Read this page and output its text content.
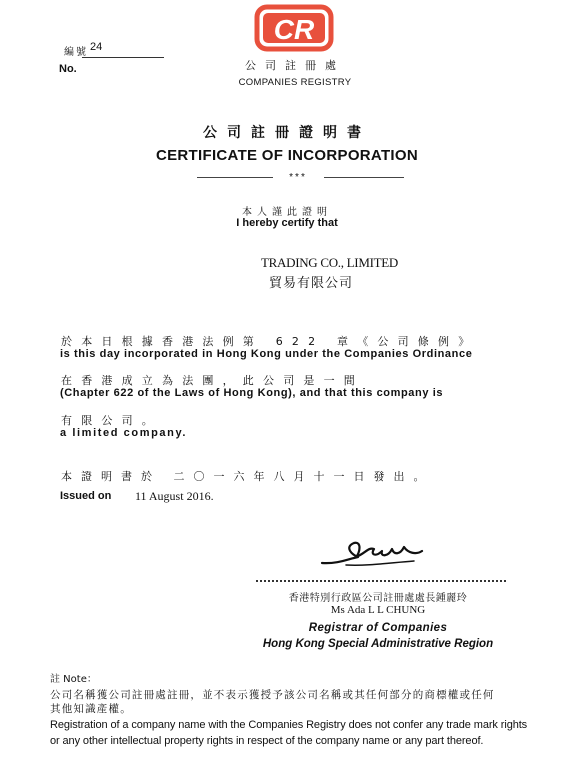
編號 24
No.
CR
公司註冊處
COMPANIES REGISTRY
公司註冊證明書
CERTIFICATE OF INCORPORATION
***
本人謹此證明
I hereby certify that
TRADING CO., LIMITED
貿易有限公司
於本日根據香港法例第 622 章《公司條例》
is this day incorporated in Hong Kong under the Companies Ordinance
在香港成立為法團，此公司是一間
(Chapter 622 of the Laws of Hong Kong), and that this company is
有限公司。
a limited company.
本證明書於 二〇一六年八月十一日發出。
Issued on 11 August 2016.
香港特別行政區公司註冊處處長鍾麗玲
Ms Ada L L CHUNG
Registrar of Companies
Hong Kong Special Administrative Region
註 Note：
公司名稱獲公司註冊處註冊，並不表示獲授予該公司名稱或其任何部分的商標權或任何
其他知識產權。
Registration of a company name with the Companies Registry does not confer any trade mark rights
or any other intellectual property rights in respect of the company name or any part thereof.
